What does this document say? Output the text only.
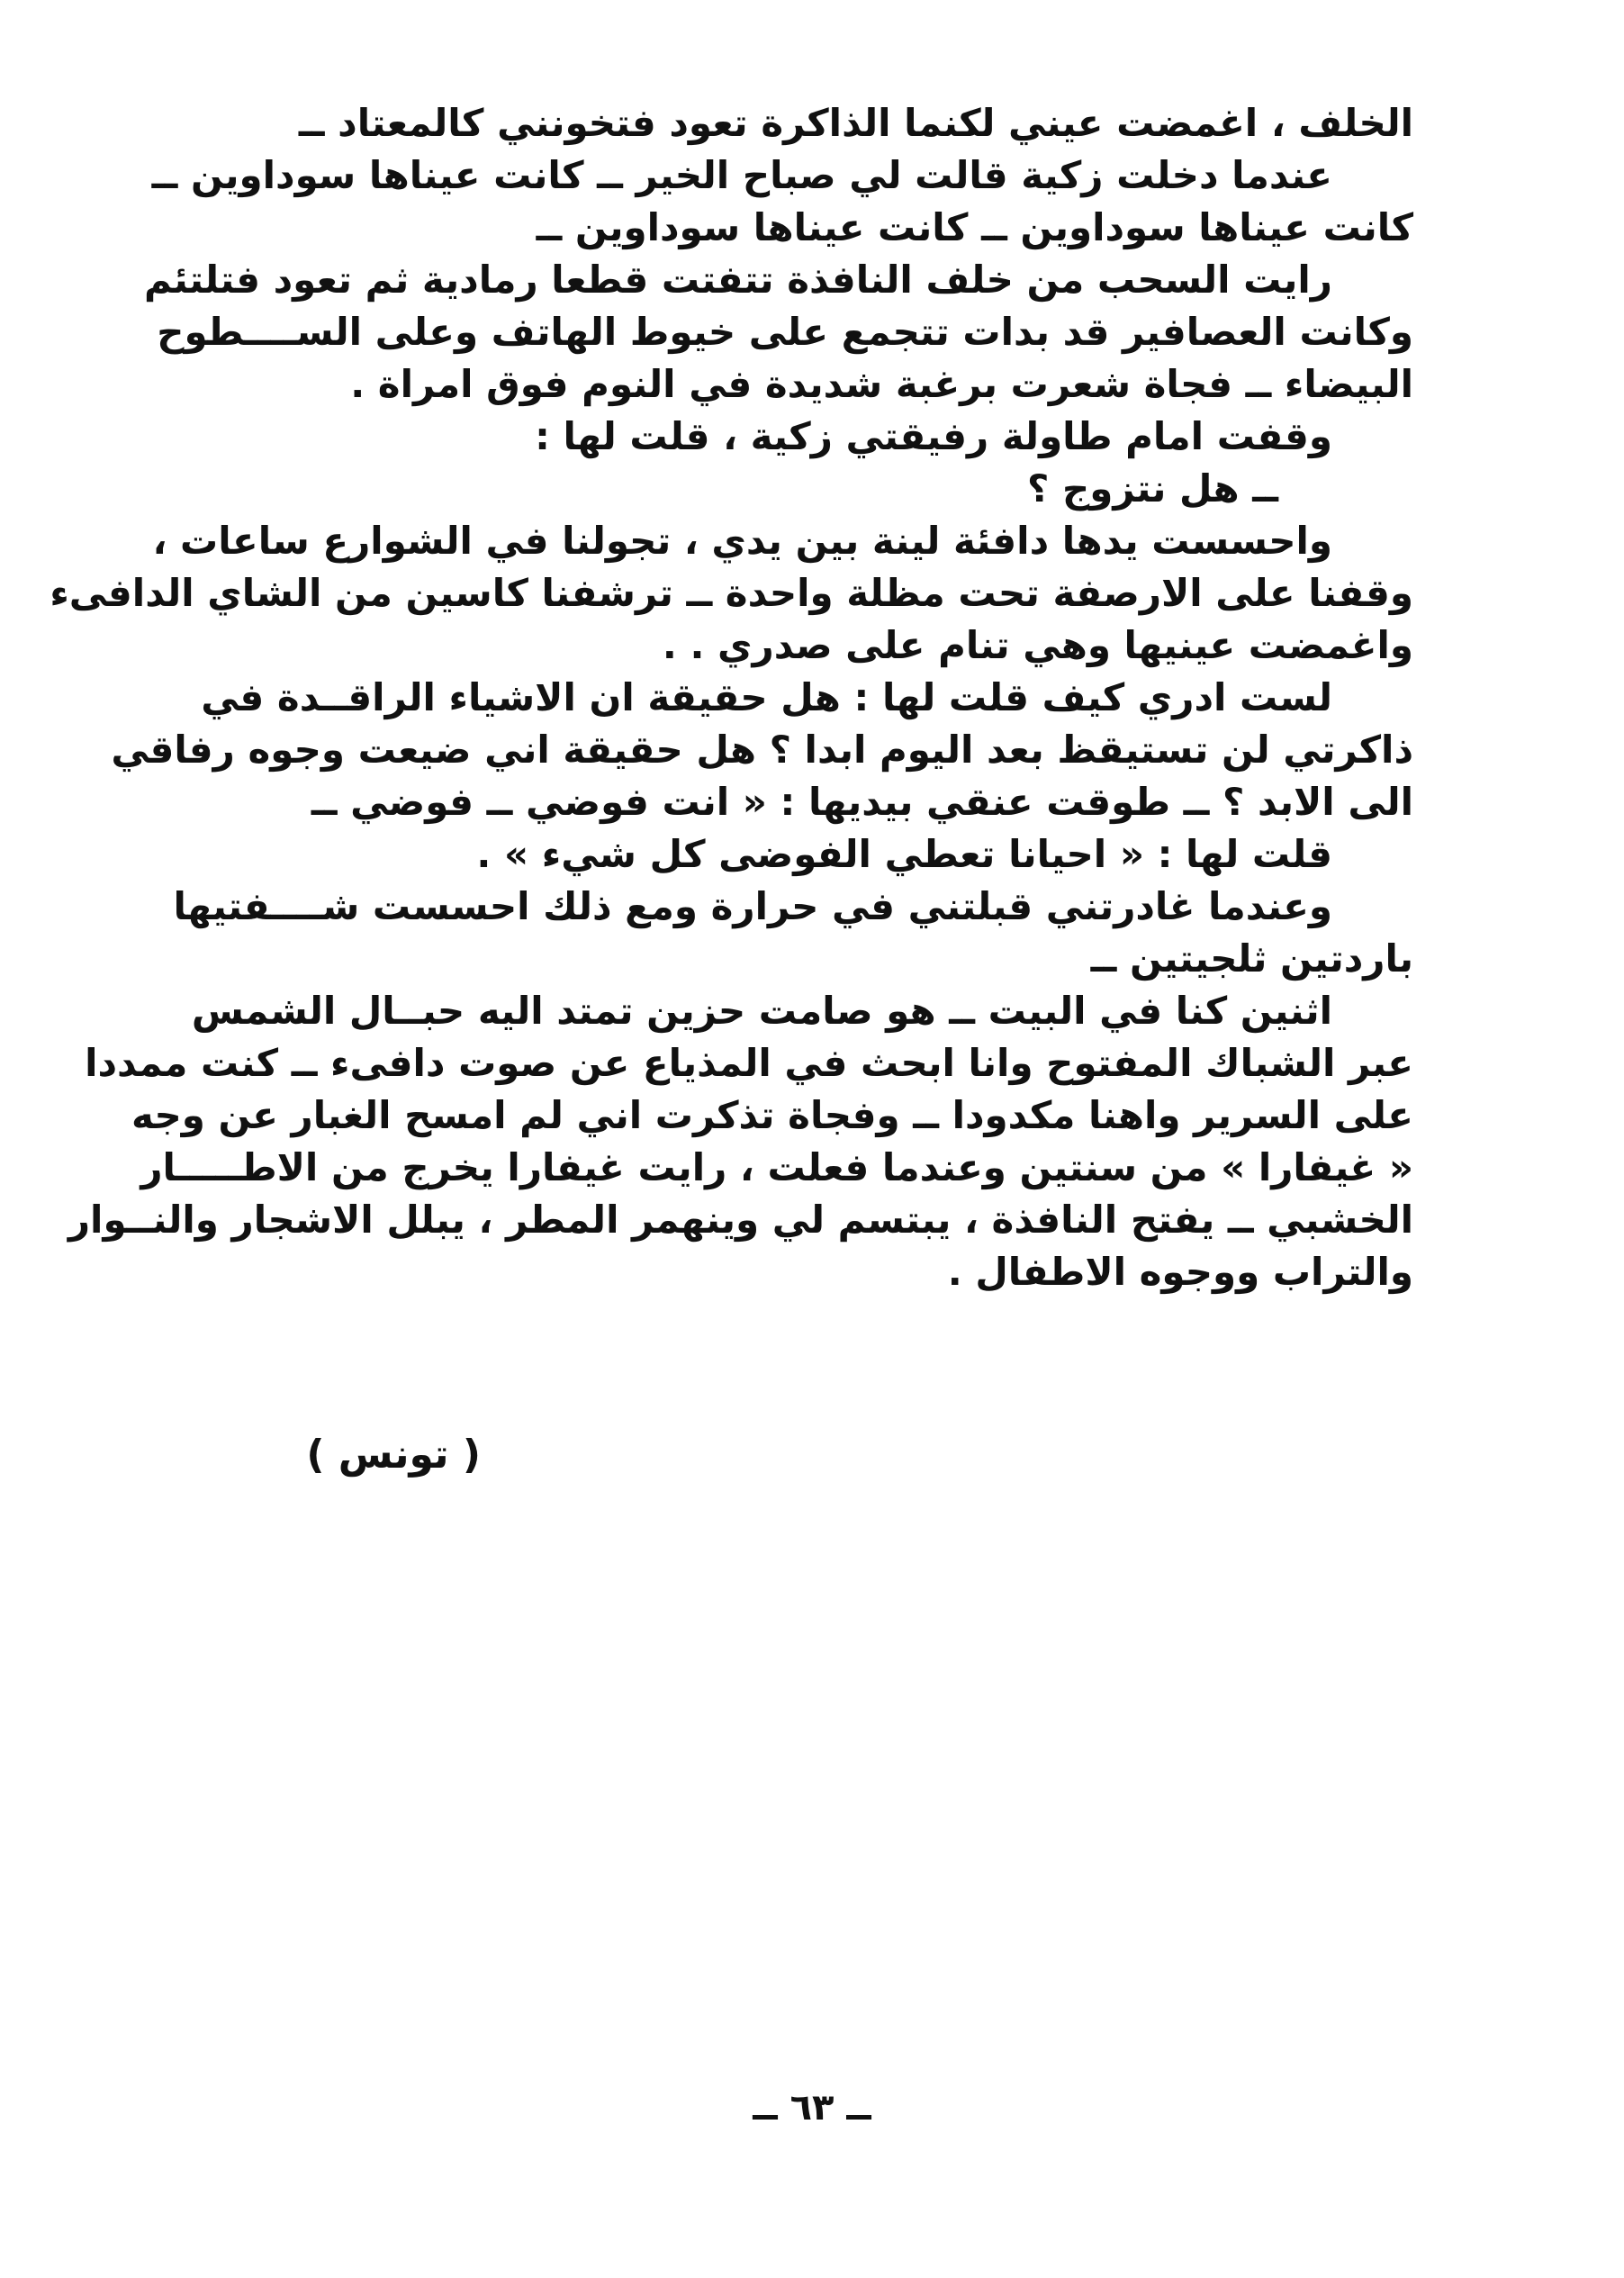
الخلف ، اغمضت عيني لكنما الذاكرة تعود فتخونني كالمعتاد ــ
عندما دخلت زكية قالت لي صباح الخير ــ كانت عيناها سوداوين ــ
كانت عيناها سوداوين ــ كانت عيناها سوداوين ــ
رايت السحب من خلف النافذة تتفتت قطعا رمادية ثم تعود فتلتئم
وكانت العصافير قد بدات تتجمع على خيوط الهاتف وعلى الســــطوح
البيضاء ــ فجاة شعرت برغبة شديدة في النوم فوق امراة .
وقفت امام طاولة رفيقتي زكية ، قلت لها :
ــ هل نتزوج ؟
واحسست يدها دافئة لينة بين يدي ، تجولنا في الشوارع ساعات ،
وقفنا على الارصفة تحت مظلة واحدة ــ ترشفنا كاسين من الشاي الدافىء
واغمضت عينيها وهي تنام على صدري . .
لست ادري كيف قلت لها : هل حقيقة ان الاشياء الراقــدة في
ذاكرتي لن تستيقظ بعد اليوم ابدا ؟ هل حقيقة اني ضيعت وجوه رفاقي
الى الابد ؟ ــ طوقت عنقي بيديها : « انت فوضي ــ فوضي ــ
قلت لها : « احيانا تعطي الفوضى كل شيء » .
وعندما غادرتني قبلتني في حرارة ومع ذلك احسست شــــفتيها
باردتين ثلجيتين ــ
اثنين كنا في البيت ــ هو صامت حزين تمتد اليه حبــال الشمس
عبر الشباك المفتوح وانا ابحث في المذياع عن صوت دافىء ــ كنت ممددا
على السرير واهنا مكدودا ــ وفجاة تذكرت اني لم امسح الغبار عن وجه
« غيفارا » من سنتين وعندما فعلت ، رايت غيفارا يخرج من الاطـــــار
الخشبي ــ يفتح النافذة ، يبتسم لي وينهمر المطر ، يبلل الاشجار والنــوار
والتراب ووجوه الاطفال .
( تونس )
ــ ٦٣ ــ
